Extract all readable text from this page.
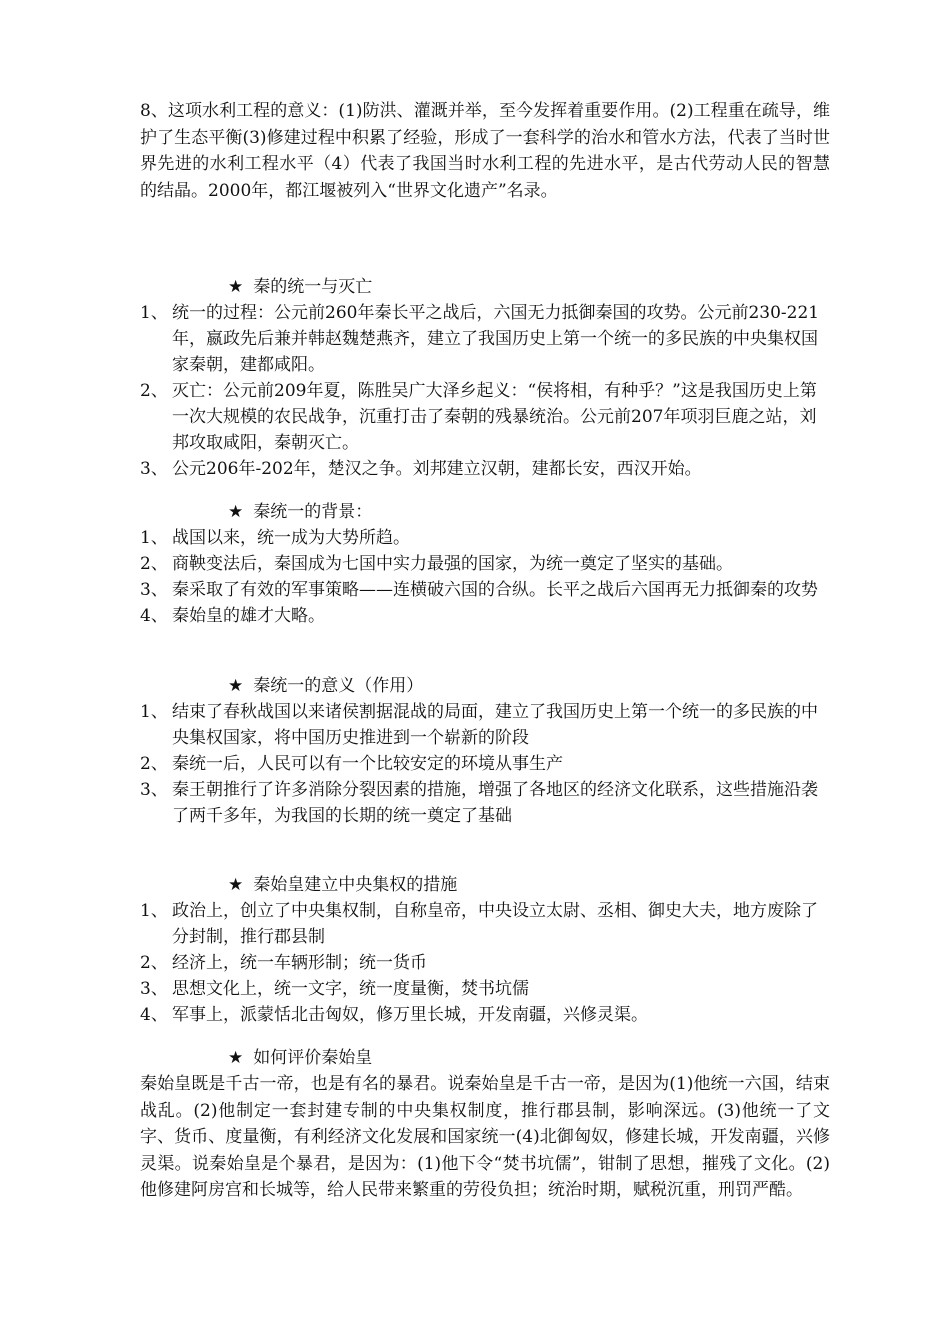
8、这项水利工程的意义：(1)防洪、灌溉并举，至今发挥着重要作用。(2)工程重在疏导，维护了生态平衡(3)修建过程中积累了经验，形成了一套科学的治水和管水方法，代表了当时世界先进的水利工程水平（4）代表了我国当时水利工程的先进水平，是古代劳动人民的智慧的结晶。2000年，都江堰被列入“世界文化遗产”名录。
★ 秦的统一与灭亡
1、 统一的过程：公元前260年秦长平之战后，六国无力抵御秦国的攻势。公元前230-221年，嬴政先后兼并韩赵魏楚燕齐，建立了我国历史上第一个统一的多民族的中央集权国家秦朝，建都咸阳。
2、 灭亡：公元前209年夏，陈胜吴广大泽乡起义：“侯将相，有种乎？”这是我国历史上第一次大规模的农民战争，沉重打击了秦朝的残暴统治。公元前207年项羽巨鹿之站，刘邦攻取咸阳，秦朝灭亡。
3、 公元206年-202年，楚汉之争。刘邦建立汉朝，建都长安，西汉开始。
★ 秦统一的背景：
1、 战国以来，统一成为大势所趋。
2、 商鞅变法后，秦国成为七国中实力最强的国家，为统一奠定了坚实的基础。
3、 秦采取了有效的军事策略——连横破六国的合纵。长平之战后六国再无力抵御秦的攻势
4、 秦始皇的雄才大略。
★ 秦统一的意义（作用）
1、 结束了春秋战国以来诸侯割据混战的局面，建立了我国历史上第一个统一的多民族的中央集权国家，将中国历史推进到一个崭新的阶段
2、 秦统一后，人民可以有一个比较安定的环境从事生产
3、 秦王朝推行了许多消除分裂因素的措施，增强了各地区的经济文化联系，这些措施沿袭了两千多年，为我国的长期的统一奠定了基础
★ 秦始皇建立中央集权的措施
1、 政治上，创立了中央集权制，自称皇帝，中央设立太尉、丞相、御史大夫，地方废除了分封制，推行郡县制
2、 经济上，统一车辆形制；统一货币
3、 思想文化上，统一文字，统一度量衡，焚书坑儒
4、 军事上，派蒙恬北击匈奴，修万里长城，开发南疆，兴修灵渠。
★ 如何评价秦始皇
秦始皇既是千古一帝，也是有名的暴君。说秦始皇是千古一帝，是因为(1)他统一六国，结束战乱。(2)他制定一套封建专制的中央集权制度，推行郡县制，影响深远。(3)他统一了文字、货币、度量衡，有利经济文化发展和国家统一(4)北御匈奴，修建长城，开发南疆，兴修灵渠。说秦始皇是个暴君，是因为：(1)他下令“焚书坑儒”，钳制了思想，摧残了文化。(2)他修建阿房宫和长城等，给人民带来繁重的劳役负担；统治时期，赋税沉重，刑罚严酷。
